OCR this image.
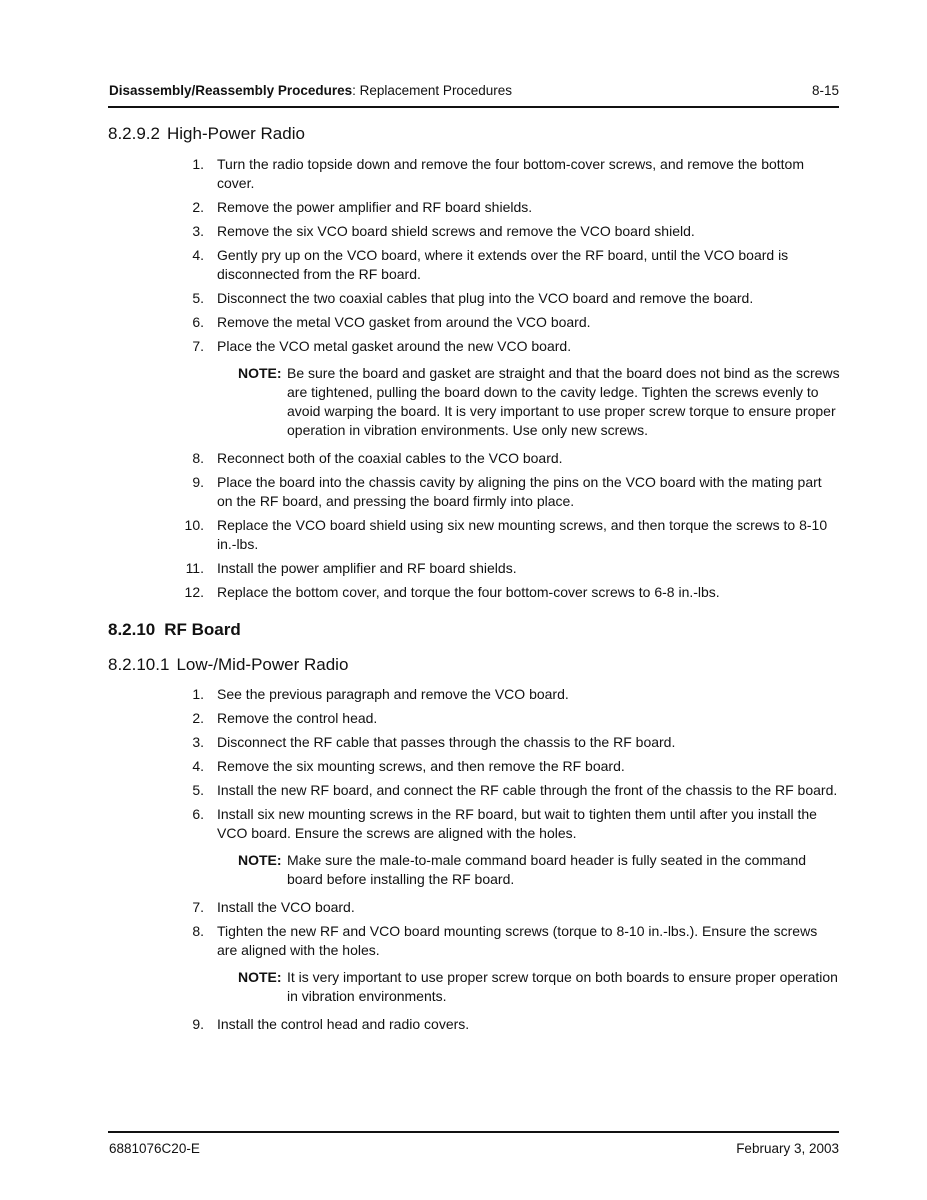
Disassembly/Reassembly Procedures: Replacement Procedures	8-15
8.2.9.2 High-Power Radio
1. Turn the radio topside down and remove the four bottom-cover screws, and remove the bottom cover.
2. Remove the power amplifier and RF board shields.
3. Remove the six VCO board shield screws and remove the VCO board shield.
4. Gently pry up on the VCO board, where it extends over the RF board, until the VCO board is disconnected from the RF board.
5. Disconnect the two coaxial cables that plug into the VCO board and remove the board.
6. Remove the metal VCO gasket from around the VCO board.
7. Place the VCO metal gasket around the new VCO board.
NOTE: Be sure the board and gasket are straight and that the board does not bind as the screws are tightened, pulling the board down to the cavity ledge. Tighten the screws evenly to avoid warping the board. It is very important to use proper screw torque to ensure proper operation in vibration environments. Use only new screws.
8. Reconnect both of the coaxial cables to the VCO board.
9. Place the board into the chassis cavity by aligning the pins on the VCO board with the mating part on the RF board, and pressing the board firmly into place.
10. Replace the VCO board shield using six new mounting screws, and then torque the screws to 8-10 in.-lbs.
11. Install the power amplifier and RF board shields.
12. Replace the bottom cover, and torque the four bottom-cover screws to 6-8 in.-lbs.
8.2.10 RF Board
8.2.10.1 Low-/Mid-Power Radio
1. See the previous paragraph and remove the VCO board.
2. Remove the control head.
3. Disconnect the RF cable that passes through the chassis to the RF board.
4. Remove the six mounting screws, and then remove the RF board.
5. Install the new RF board, and connect the RF cable through the front of the chassis to the RF board.
6. Install six new mounting screws in the RF board, but wait to tighten them until after you install the VCO board. Ensure the screws are aligned with the holes.
NOTE: Make sure the male-to-male command board header is fully seated in the command board before installing the RF board.
7. Install the VCO board.
8. Tighten the new RF and VCO board mounting screws (torque to 8-10 in.-lbs.). Ensure the screws are aligned with the holes.
NOTE: It is very important to use proper screw torque on both boards to ensure proper operation in vibration environments.
9. Install the control head and radio covers.
6881076C20-E	February 3, 2003
